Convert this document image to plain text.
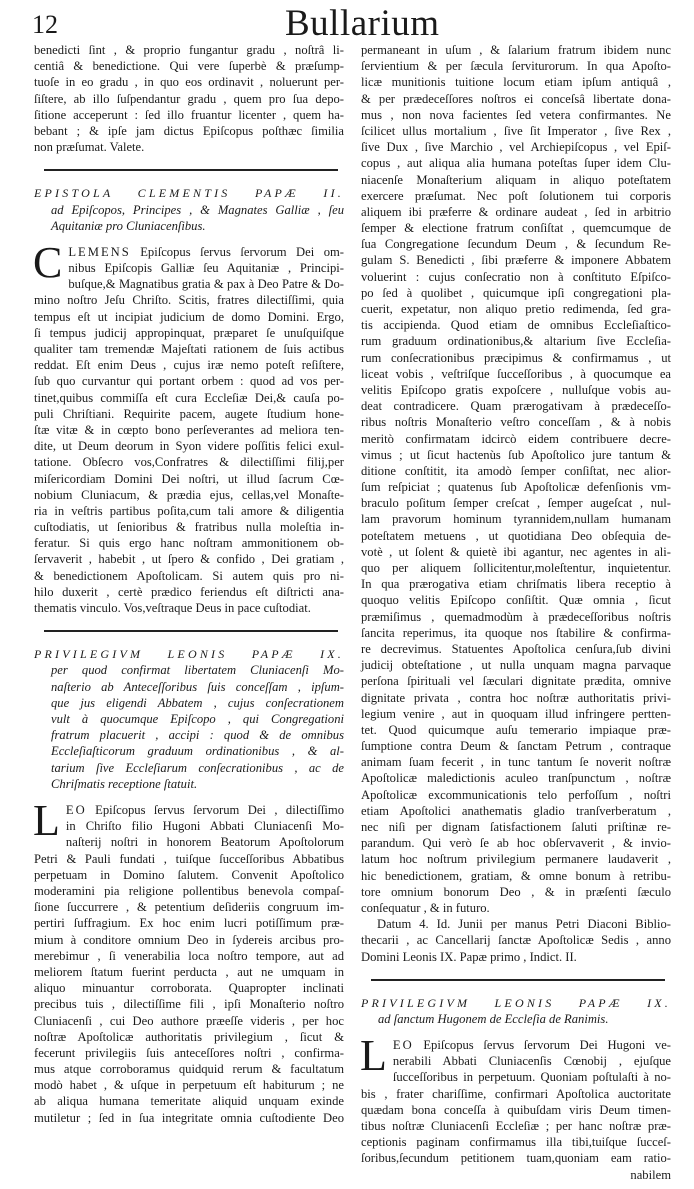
12	Bullarium
benedicti ſint , & proprio fungantur gradu , noſtrâ li-
centiâ & benedictione. Qui vere ſuperbè & præſump-
tuoſe in eo gradu , in quo eos ordinavit , noluerunt per-
ſiſtere, ab illo ſuſpendantur gradu , quem pro ſua depo-
ſitione acceperunt : ſed illo fruantur licenter , quem ha-
bebant ; & ipſe jam dictus Epiſcopus poſthæc ſimilia
non præſumat. Valete.
EPISTOLA CLEMENTIS PAPÆ II.
ad Epiſcopos, Principes , & Magnates Galliæ , ſeu
Aquitaniæ pro Cluniacenſibus.
C LEMENS Epiſcopus ſervus ſervorum Dei om-
nibus Epiſcopis Galliæ ſeu Aquitaniæ , Principi-
buſque,& Magnatibus gratia & pax à Deo Patre & Do-
mino noſtro Jeſu Chriſto. Scitis, fratres dilectiſſimi, quia
tempus eſt ut incipiat judicium de domo Domini. Ergo,
ſi tempus judicij appropinquat, præparet ſe unuſquiſque
qualiter tam tremendæ Majeſtati rationem de ſuis actibus
reddat. Eſt enim Deus , cujus iræ nemo poteſt reſiſtere,
ſub quo curvantur qui portant orbem : quod ad vos per-
tinet,quibus commiſſa eſt cura Eccleſiæ Dei,& cauſa po-
puli Chriſtiani. Requirite pacem, augete ſtudium hone-
ſtæ vitæ & in cœpto bono perſeverantes ad meliora ten-
dite, ut Deum deorum in Syon videre poſſitis felici exul-
tatione. Obſecro vos,Confratres & dilectiſſimi filij,per
miſericordiam Domini Dei noſtri, ut illud ſacrum Cœ-
nobium Cluniacum, & prædia ejus, cellas,vel Monaſte-
ria in veſtris partibus poſita,cum tali amore & diligentia
cuſtodiatis, ut ſenioribus & fratribus nulla moleſtia in-
feratur. Si quis ergo hanc noſtram ammonitionem ob-
ſervaverit , habebit , ut ſpero & confido , Dei gratiam ,
& benedictionem Apoſtolicam. Si autem quis pro ni-
hilo duxerit , certè prædico feriendus eſt diſtricti ana-
thematis vinculo. Vos,veſtraque Deus in pace cuſtodiat.
PRIVILEGIVM LEONIS PAPÆ IX.
per quod confirmat libertatem Cluniacenſi Mo-
naſterio ab Anteceſſoribus ſuis conceſſam , ipſum-
que jus eligendi Abbatem , cujus conſecrationem
vult à quocumque Epiſcopo , qui Congregationi
fratrum placuerit , accipi : quod & de omnibus
Eccleſiaſticorum graduum ordinationibus , & al-
tarium ſive Eccleſiarum conſecrationibus , ac de
Chriſmatis receptione ſtatuit.
L EO Epiſcopus ſervus ſervorum Dei , dilectiſſimo
in Chriſto filio Hugoni Abbati Cluniacenſi Mo-
naſterij noſtri in honorem Beatorum Apoſtolorum
Petri & Pauli fundati , tuiſque ſucceſſoribus Abbatibus
perpetuam in Domino ſalutem. Convenit Apoſtolico
moderamini pia religione pollentibus benevola compaſ-
ſione ſuccurrere , & petentium deſideriis congruum im-
pertiri ſuffragium. Ex hoc enim lucri potiſſimum præ-
mium à conditore omnium Deo in ſydereis arcibus pro-
merebimur , ſi venerabilia loca noſtro tempore, aut ad
meliorem ſtatum fuerint perducta , aut ne umquam in
aliquo minuantur corroborata. Quapropter inclinati
precibus tuis , dilectiſſime fili , ipſi Monaſterio noſtro
Cluniacenſi , cui Deo authore præeſſe videris , per hoc
noſtræ Apoſtolicæ authoritatis privilegium , ſicut &
fecerunt privilegiis ſuis anteceſſores noſtri , confirma-
mus atque corroboramus quidquid rerum & facultatum
modò habet , & uſque in perpetuum eſt habiturum ; ne
ab aliqua humana temeritate aliquid unquam exinde
mutiletur ; ſed in ſua integritate omnia cuſtodiente Deo
permaneant in uſum , & ſalarium fratrum ibidem nunc
ſervientium & per ſæcula ſerviturorum. In qua Apoſto-
licæ munitionis tuitione locum etiam ipſum antiquâ ,
& per prædeceſſores noſtros ei conceſsâ libertate dona-
mus , non nova facientes ſed vetera confirmantes. Ne
ſcilicet ullus mortalium , ſive ſit Imperator , ſive Rex ,
ſive Dux , ſive Marchio , vel Archiepiſcopus , vel Epiſ-
copus , aut aliqua alia humana poteſtas ſuper idem Clu-
niacenſe Monaſterium aliquam in aliquo poteſtatem
exercere præſumat. Nec poſt ſolutionem tui corporis
aliquem ibi præferre & ordinare audeat , ſed in arbitrio
ſemper & electione fratrum conſiſtat , quemcumque de
ſua Congregatione ſecundum Deum , & ſecundum Re-
gulam S. Benedicti , ſibi præferre & imponere Abbatem
voluerint : cujus conſecratio non à conſtituto Eſpiſco-
po ſed à quolibet , quicumque ipſi congregationi pla-
cuerit, expetatur, non aliquo pretio redimenda, ſed gra-
tis accipienda. Quod etiam de omnibus Eccleſiaſtico-
rum graduum ordinationibus,& altarium ſive Eccleſia-
rum conſecrationibus præcipimus & confirmamus , ut
liceat vobis , veſtriſque ſucceſſoribus , à quocumque ea
velitis Epiſcopo gratis expoſcere , nulluſque vobis au-
deat contradicere. Quam prærogativam à prædeceſſo-
ribus noſtris Monaſterio veſtro conceſſam , & à nobis
meritò confirmatam idcircò eidem contribuere decre-
vimus ; ut ſicut hactenùs ſub Apoſtolico jure tantum &
ditione conſtitit, ita amodò ſemper conſiſtat, nec alior-
ſum reſpiciat ; quatenus ſub Apoſtolicæ defenſionis vm-
braculo poſitum ſemper creſcat , ſemper augeſcat , nul-
lam pravorum hominum tyrannidem,nullam humanam
poteſtatem metuens , ut quotidiana Deo obſequia de-
votè , ut ſolent & quietè ibi agantur, nec agentes in ali-
quo per aliquem ſollicitentur,moleſtentur, inquietentur.
In qua prærogativa etiam chriſmatis libera receptio à
quoquo velitis Epiſcopo conſiſtit. Quæ omnia , ſicut
præmiſimus , quemadmodùm à prædeceſſoribus noſtris
ſancita reperimus, ita quoque nos ſtabilire & confirma-
re decrevimus. Statuentes Apoſtolica cenſura,ſub divini
judicij obteſtatione , ut nulla unquam magna parvaque
perſona ſpirituali vel ſæculari dignitate prædita, omnive
dignitate privata , contra hoc noſtræ authoritatis privi-
legium venire , aut in quoquam illud infringere pertten-
tet. Quod quicumque auſu temerario impiaque præ-
ſumptione contra Deum & ſanctam Petrum , contraque
animam ſuam fecerit , in tunc tantum ſe noverit noſtræ
Apoſtolicæ maledictionis aculeo tranſpunctum , noſtræ
Apoſtolicæ excommunicationis telo perfoſſum , noſtri
etiam Apoſtolici anathematis gladio tranſverberatum ,
nec niſi per dignam ſatisfactionem ſaluti priſtinæ re-
parandum. Qui verò ſe ab hoc obſervaverit , & invio-
latum hoc noſtrum privilegium permanere laudaverit ,
hic benedictionem, gratiam, & omne bonum à retribu-
tore omnium bonorum Deo , & in præſenti ſæculo
conſequatur , & in futuro.
Datum 4. Id. Junii per manus Petri Diaconi Biblio-
thecarii , ac Cancellarij ſanctæ Apoſtolicæ Sedis , anno
Domini Leonis IX. Papæ primo , Indict. II.
PRIVILEGIVM LEONIS PAPÆ IX.
ad ſanctum Hugonem de Eccleſia de Ranimis.
L EO Epiſcopus ſervus ſervorum Dei Hugoni ve-
nerabili Abbati Cluniacenſis Cœnobij , ejuſque
ſucceſſoribus in perpetuum. Quoniam poſtulaſti à no-
bis , frater chariſſime, confirmari Apoſtolica auctoritate
quædam bona conceſſa à quibuſdam viris Deum timen-
tibus noſtræ Cluniacenſi Eccleſiæ ; per hanc noſtræ præ-
ceptionis paginam confirmamus illa tibi,tuiſque ſucceſ-
ſoribus,ſecundum petitionem tuam,quoniam eam ratio-
nabilem
